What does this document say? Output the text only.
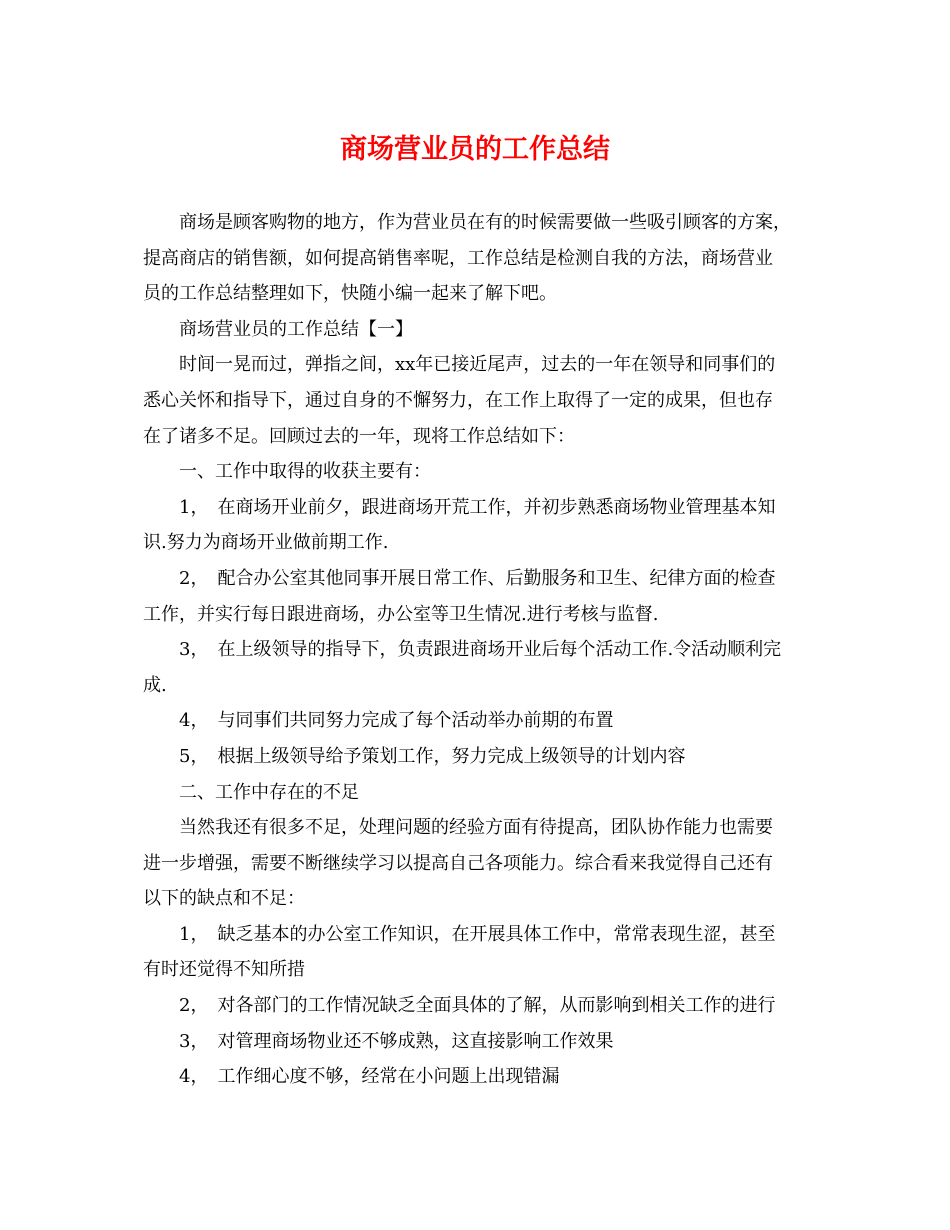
商场营业员的工作总结

商场是顾客购物的地方，作为营业员在有的时候需要做一些吸引顾客的方案，
提高商店的销售额，如何提高销售率呢，工作总结是检测自我的方法，商场营业
员的工作总结整理如下，快随小编一起来了解下吧。

商场营业员的工作总结【一】

时间一晃而过，弹指之间，xx年已接近尾声，过去的一年在领导和同事们的
悉心关怀和指导下，通过自身的不懈努力，在工作上取得了一定的成果，但也存
在了诸多不足。回顾过去的一年，现将工作总结如下：

一、工作中取得的收获主要有：

1，　在商场开业前夕，跟进商场开荒工作，并初步熟悉商场物业管理基本知
识.努力为商场开业做前期工作.

2，　配合办公室其他同事开展日常工作、后勤服务和卫生、纪律方面的检查
工作，并实行每日跟进商场，办公室等卫生情况.进行考核与监督.

3，　在上级领导的指导下，负责跟进商场开业后每个活动工作.令活动顺利完
成.

4，　与同事们共同努力完成了每个活动举办前期的布置

5，　根据上级领导给予策划工作，努力完成上级领导的计划内容

二、工作中存在的不足

当然我还有很多不足，处理问题的经验方面有待提高，团队协作能力也需要
进一步增强，需要不断继续学习以提高自己各项能力。综合看来我觉得自己还有
以下的缺点和不足：

1，　缺乏基本的办公室工作知识，在开展具体工作中，常常表现生涩，甚至
有时还觉得不知所措

2，　对各部门的工作情况缺乏全面具体的了解，从而影响到相关工作的进行

3，　对管理商场物业还不够成熟，这直接影响工作效果

4，　工作细心度不够，经常在小问题上出现错漏
